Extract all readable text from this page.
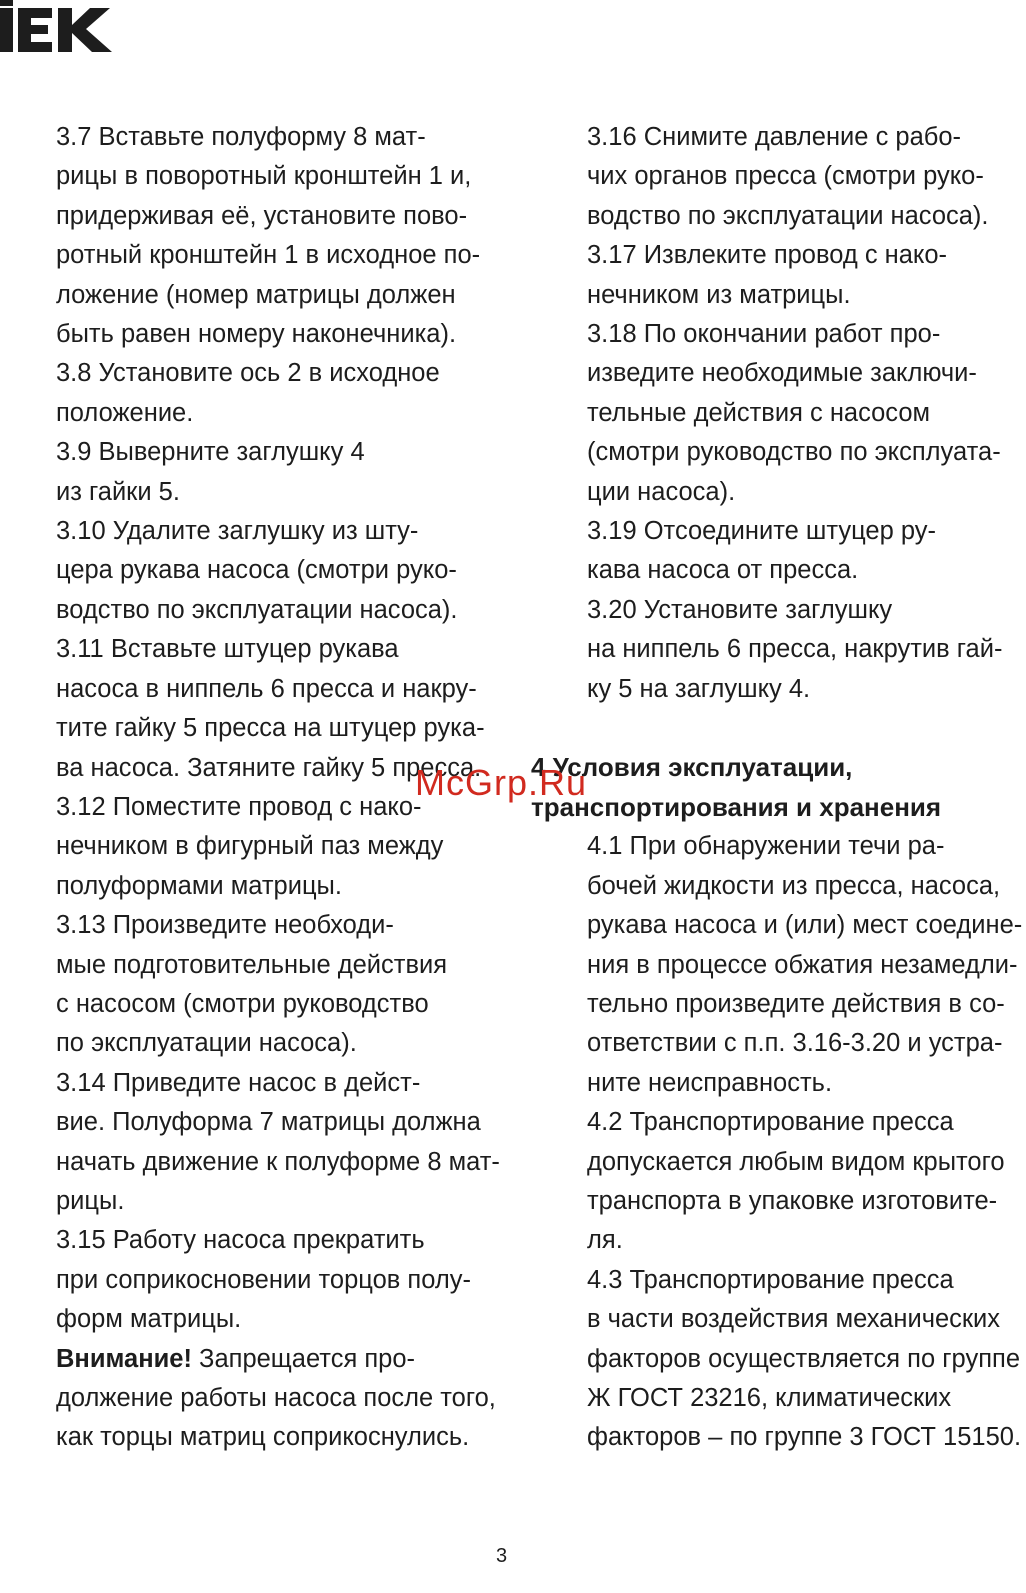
3.7 Вставьте полуформу 8 мат-
рицы в поворотный кронштейн 1 и,
придерживая её, установите пово-
ротный кронштейн 1 в исходное по-
ложение (номер матрицы должен
быть равен номеру наконечника).

3.8 Установите ось 2 в исходное
положение.

3.9 Выверните заглушку 4
из гайки 5.

3.10 Удалите заглушку из шту-
цера рукава насоса (смотри руко-
водство по эксплуатации насоса).

3.11 Вставьте штуцер рукава
насоса в ниппель 6 пресса и накру-
тите гайку 5 пресса на штуцер рука-
ва насоса. Затяните гайку 5 пресса.

3.12 Поместите провод с нако-
нечником в фигурный паз между
полуформами матрицы.

3.13 Произведите необходи-
мые подготовительные действия
с насосом (смотри руководство
по эксплуатации насоса).

3.14 Приведите насос в дейст-
вие. Полуформа 7 матрицы должна
начать движение к полуформе 8 мат-
рицы.

3.15 Работу насоса прекратить
при соприкосновении торцов полу-
форм матрицы.

Внимание! Запрещается про-
должение работы насоса после того,
как торцы матриц соприкоснулись.

3.16 Снимите давление с рабо-
чих органов пресса (смотри руко-
водство по эксплуатации насоса).

3.17 Извлеките провод с нако-
нечником из матрицы.

3.18 По окончании работ про-
изведите необходимые заключи-
тельные действия с насосом
(смотри руководство по эксплуата-
ции насоса).

3.19 Отсоедините штуцер ру-
кава насоса от пресса.

3.20 Установите заглушку
на ниппель 6 пресса, накрутив гай-
ку 5 на заглушку 4.

4 Условия эксплуатации,
транспортирования и хранения

4.1 При обнаружении течи ра-
бочей жидкости из пресса, насоса,
рукава насоса и (или) мест соедине-
ния в процессе обжатия незамедли-
тельно произведите действия в со-
ответствии с п.п. 3.16-3.20 и устра-
ните неисправность.

4.2 Транспортирование пресса
допускается любым видом крытого
транспорта в упаковке изготовите-
ля.

4.3 Транспортирование пресса
в части воздействия механических
факторов осуществляется по группе
Ж ГОСТ 23216, климатических
факторов – по группе 3 ГОСТ 15150.

McGrp.Ru
3
